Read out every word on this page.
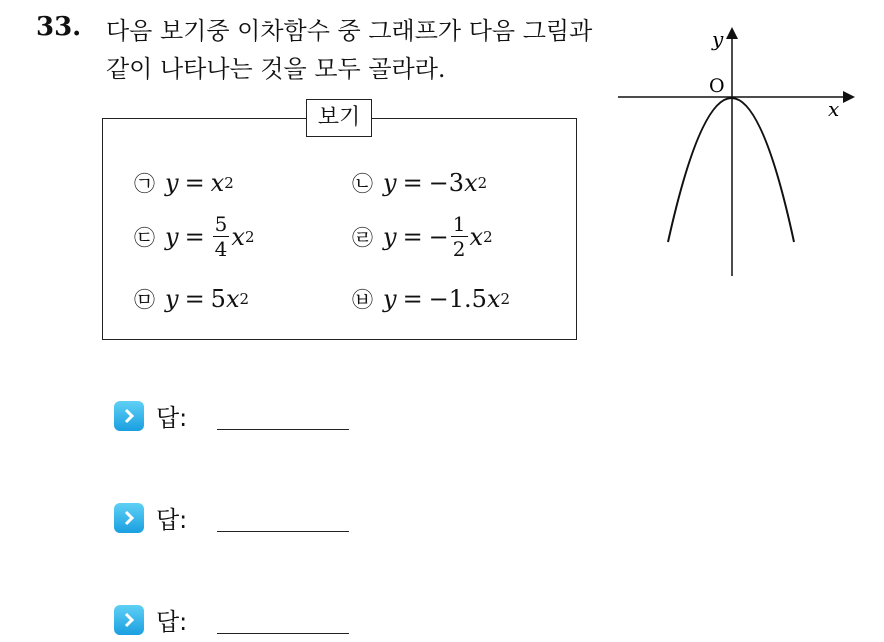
33. 다음 보기중 이차함수 중 그래프가 다음 그림과 같이 나타나는 것을 모두 골라라.
보기
㉠ y = x 2	㉡ y = −3 x 2
㉢ $y = \frac{5}{4}$ x 2	㉣ y = − $\frac{1}{2}$ x 2
㉤ y = 5 x 2	㉥ y = −1.5 x 2
y
x
O
답:
답:
답:
